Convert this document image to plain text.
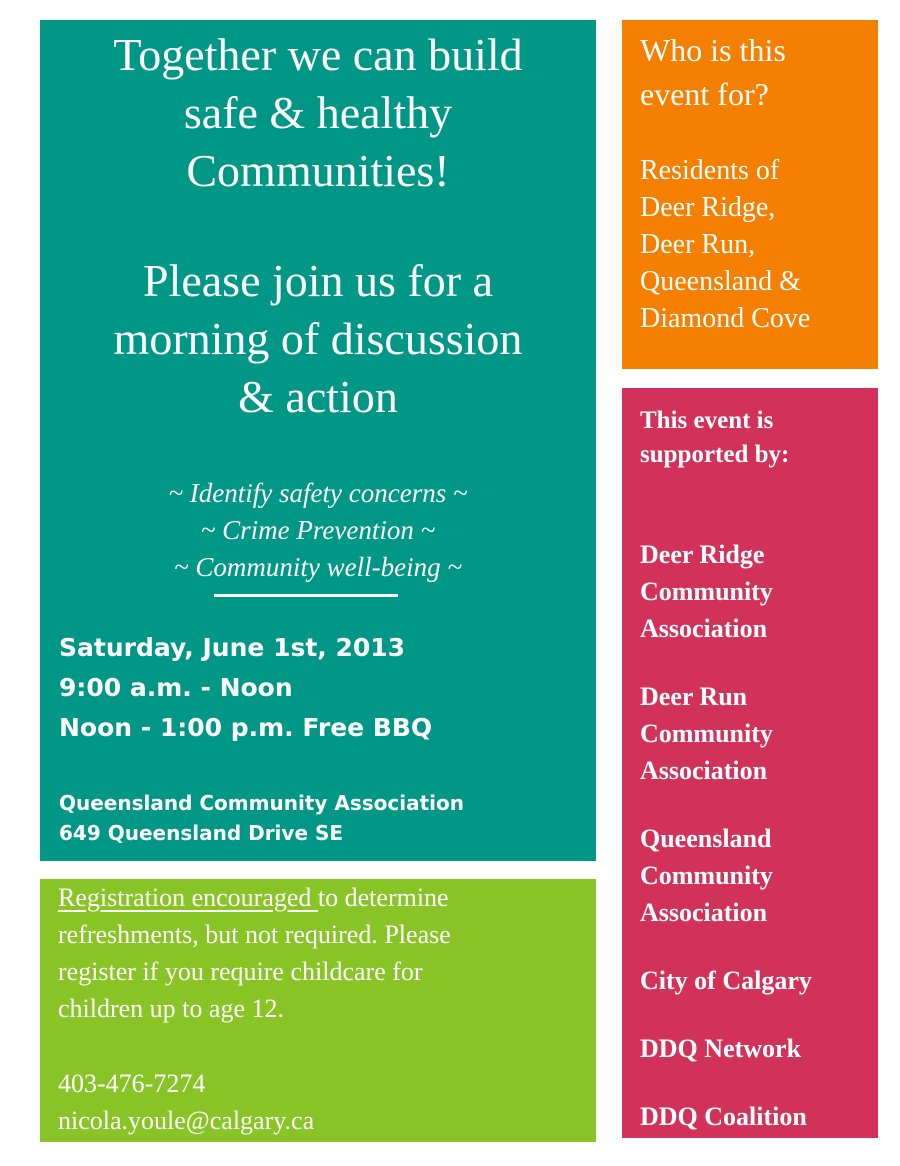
Together we can build
safe & healthy
Communities!
Please join us for a
morning of discussion
& action
~ Identify safety concerns ~
~ Crime Prevention ~
~ Community well-being ~
Saturday, June 1st, 2013
9:00 a.m. - Noon
Noon - 1:00 p.m. Free BBQ
Queensland Community Association
649 Queensland Drive SE
Who is this
event for?
Residents of
Deer Ridge,
Deer Run,
Queensland &
Diamond Cove
This event is
supported by:
Deer Ridge
Community
Association
Deer Run
Community
Association
Queensland
Community
Association
City of Calgary
DDQ Network
DDQ Coalition
Registration encouraged to determine
refreshments, but not required. Please
register if you require childcare for
children up to age 12.
403-476-7274
nicola.youle@calgary.ca
